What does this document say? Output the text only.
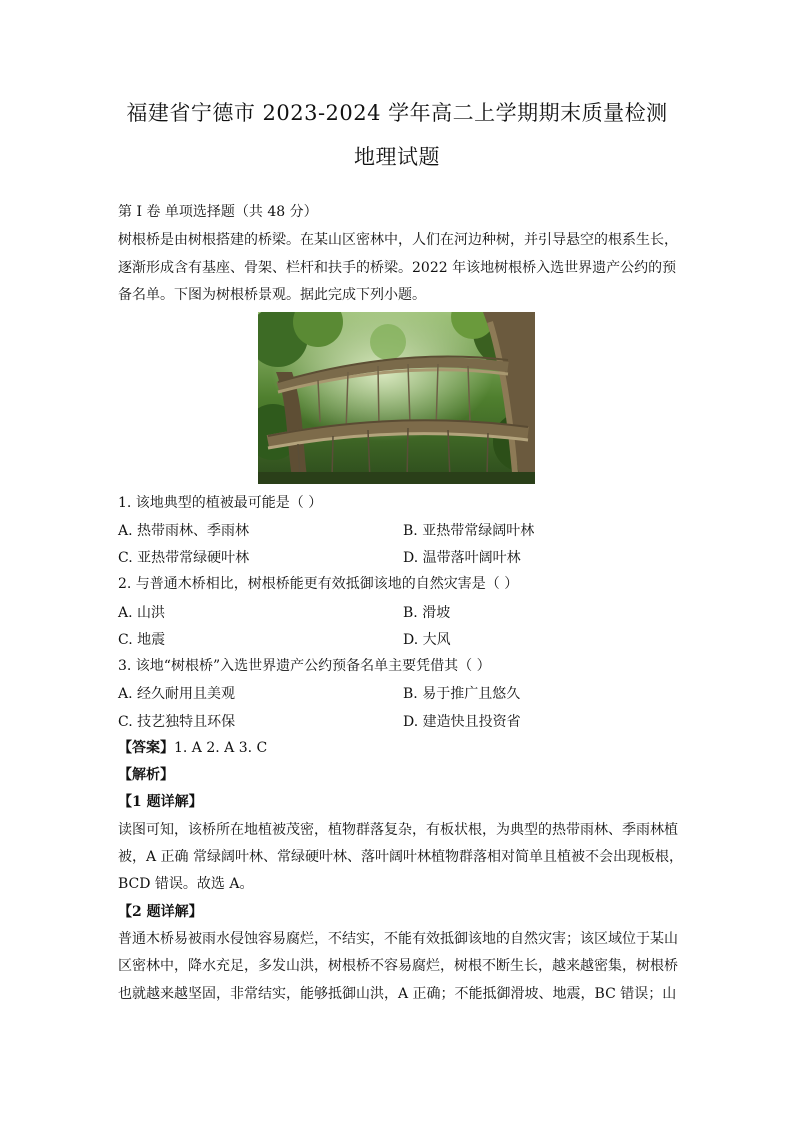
福建省宁德市 2023-2024 学年高二上学期期末质量检测
地理试题
第 I 卷 单项选择题（共 48 分）
树根桥是由树根搭建的桥梁。在某山区密林中，人们在河边种树，并引导悬空的根系生长，
逐渐形成含有基座、骨架、栏杆和扶手的桥梁。2022 年该地树根桥入选世界遗产公约的预
备名单。下图为树根桥景观。据此完成下列小题。
1. 该地典型的植被最可能是（ ）
A. 热带雨林、季雨林	B. 亚热带常绿阔叶林
C. 亚热带常绿硬叶林	D. 温带落叶阔叶林
2. 与普通木桥相比，树根桥能更有效抵御该地的自然灾害是（ ）
A. 山洪	B. 滑坡
C. 地震	D. 大风
3. 该地“树根桥”入选世界遗产公约预备名单主要凭借其（ ）
A. 经久耐用且美观	B. 易于推广且悠久
C. 技艺独特且环保	D. 建造快且投资省
【答案】1. A 2. A 3. C
【解析】
【1 题详解】
读图可知，该桥所在地植被茂密，植物群落复杂，有板状根，为典型的热带雨林、季雨林植
被，A 正确 常绿阔叶林、常绿硬叶林、落叶阔叶林植物群落相对简单且植被不会出现板根，
BCD 错误。故选 A。
【2 题详解】
普通木桥易被雨水侵蚀容易腐烂，不结实，不能有效抵御该地的自然灾害；该区域位于某山
区密林中，降水充足，多发山洪，树根桥不容易腐烂，树根不断生长，越来越密集，树根桥
也就越来越坚固，非常结实，能够抵御山洪，A 正确；不能抵御滑坡、地震，BC 错误；山
